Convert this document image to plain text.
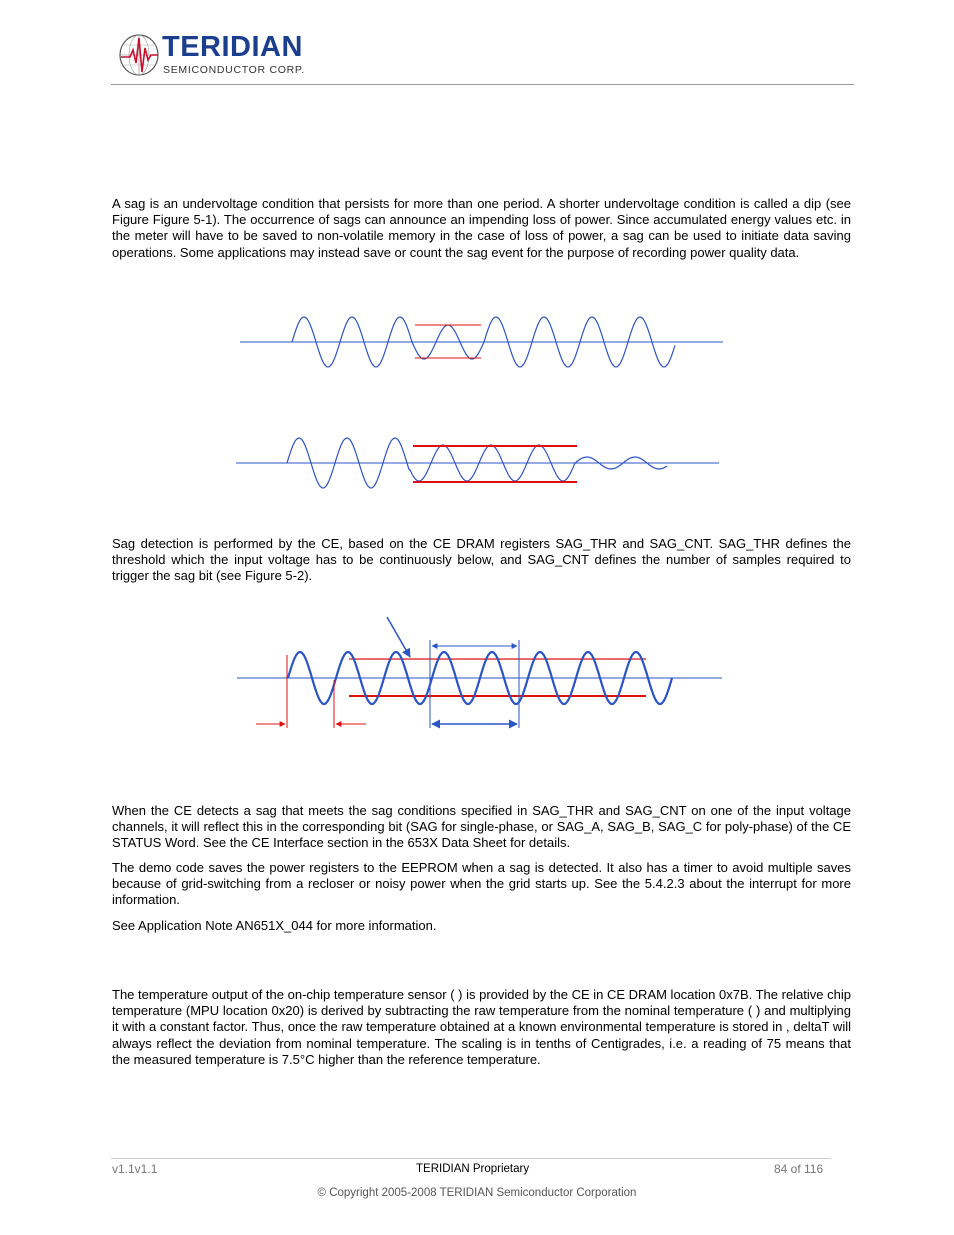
TERIDIAN
SEMICONDUCTOR CORP.

A sag is an undervoltage condition that persists for more than one period. A shorter undervoltage condition is called a dip (see Figure Figure 5-1). The occurrence of sags can announce an impending loss of power. Since accumulated energy values etc. in the meter will have to be saved to non-volatile memory in the case of loss of power, a sag can be used to initiate data saving operations. Some applications may instead save or count the sag event for the purpose of recording power quality data.

Sag detection is performed by the CE, based on the CE DRAM registers SAG_THR and SAG_CNT. SAG_THR defines the threshold which the input voltage has to be continuously below, and SAG_CNT defines the number of samples required to trigger the sag bit (see Figure 5-2).

When the CE detects a sag that meets the sag conditions specified in SAG_THR and SAG_CNT on one of the input voltage channels, it will reflect this in the corresponding bit (SAG for single-phase, or SAG_A, SAG_B, SAG_C for poly-phase) of the CE STATUS Word. See the CE Interface section in the 653X Data Sheet for details.

The demo code saves the power registers to the EEPROM when a sag is detected. It also has a timer to avoid multiple saves because of grid-switching from a recloser or noisy power when the grid starts up. See the 5.4.2.3 about the interrupt for more information.

See Application Note AN651X_044 for more information.

The temperature output of the on-chip temperature sensor ( ) is provided by the CE in CE DRAM location 0x7B. The relative chip temperature (MPU location 0x20) is derived by subtracting the raw temperature from the nominal temperature ( ) and multiplying it with a constant factor. Thus, once the raw temperature obtained at a known environmental temperature is stored in , deltaT will always reflect the deviation from nominal temperature. The scaling is in tenths of Centigrades, i.e. a reading of 75 means that the measured temperature is 7.5°C higher than the reference temperature.

v1.1v1.1	TERIDIAN Proprietary	84 of 116
© Copyright 2005-2008 TERIDIAN Semiconductor Corporation
